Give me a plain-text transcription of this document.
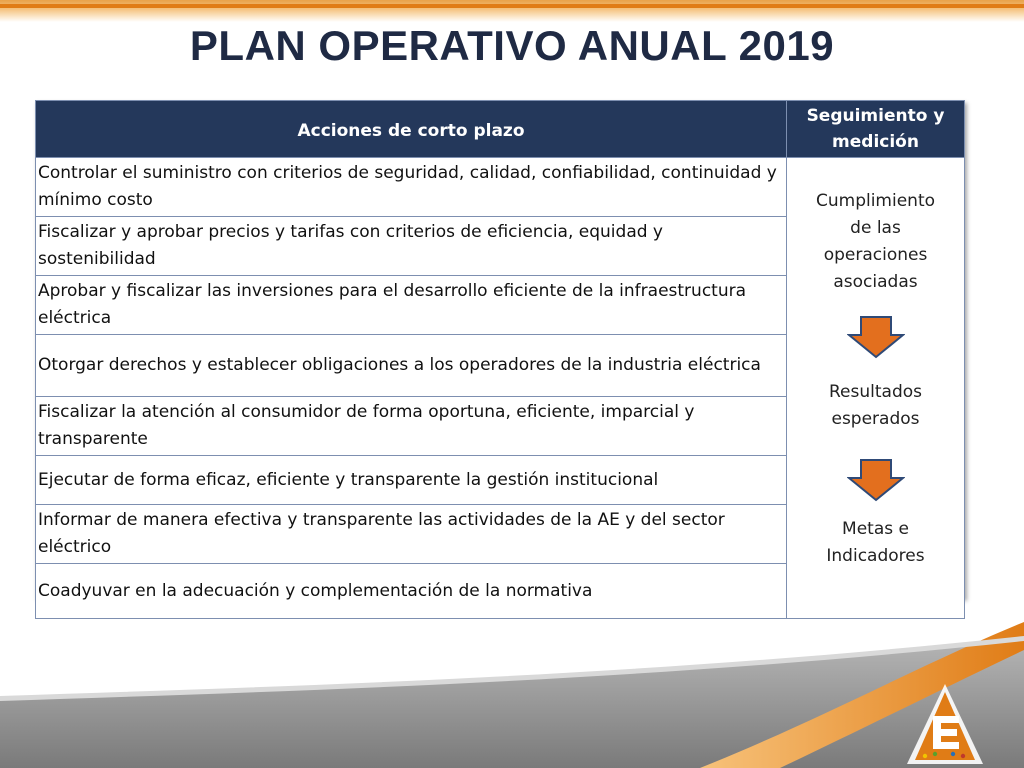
PLAN OPERATIVO ANUAL 2019
Acciones de corto plazo	Seguimiento y medición
Controlar el suministro con criterios de seguridad, calidad, confiabilidad, continuidad y mínimo costo	Cumplimiento de las operaciones asociadas
Resultados esperados
Metas e Indicadores

Fiscalizar y aprobar precios y tarifas con criterios de eficiencia, equidad y sostenibilidad	
Aprobar y fiscalizar las inversiones para el desarrollo eficiente de la infraestructura eléctrica	
Otorgar derechos y establecer obligaciones a los operadores de la industria eléctrica	
Fiscalizar la atención al consumidor de forma oportuna, eficiente, imparcial y transparente	
Ejecutar de forma eficaz, eficiente y transparente la gestión institucional	
Informar de manera efectiva y transparente las actividades de la AE y del sector eléctrico	
Coadyuvar en la adecuación y complementación de la normativa	
